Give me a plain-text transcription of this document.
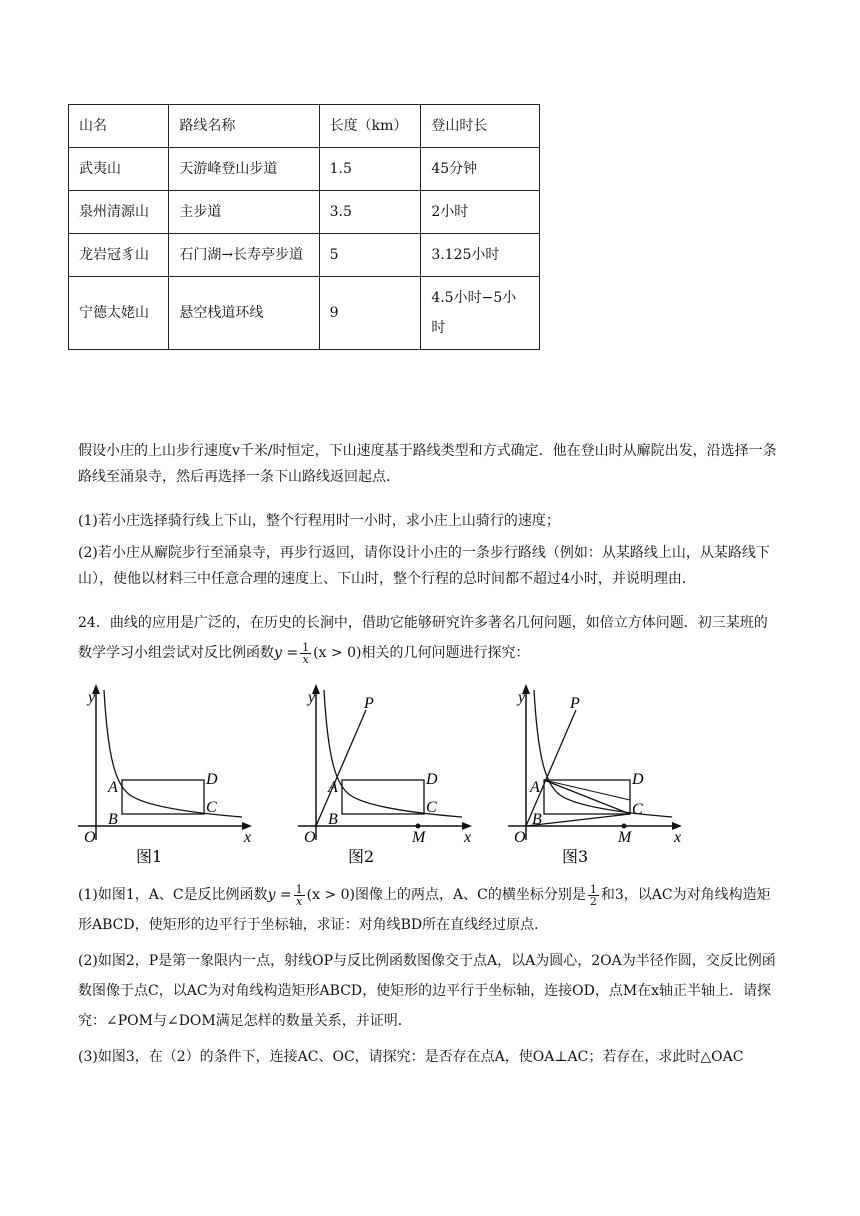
山名	路线名称	长度（km）	登山时长
武夷山	天游峰登山步道	1.5	45分钟
泉州清源山	主步道	3.5	2小时
龙岩冠豸山	石门湖→长寿亭步道	5	3.125小时
宁德太姥山	悬空栈道环线	9	4.5小时−5小时
假设小庄的上山步行速度v千米/时恒定，下山速度基于路线类型和方式确定．他在登山时从廨院出发，沿选择一条路线至涌泉寺，然后再选择一条下山路线返回起点．
(1)若小庄选择骑行线上下山，整个行程用时一小时，求小庄上山骑行的速度；
(2)若小庄从廨院步行至涌泉寺，再步行返回，请你设计小庄的一条步行路线（例如：从某路线上山，从某路线下山），使他以材料三中任意合理的速度上、下山时，整个行程的总时间都不超过4小时，并说明理由．
24．曲线的应用是广泛的，在历史的长涧中，借助它能够研究许多著名几何问题，如倍立方体问题．初三某班的数学学习小组尝试对反比例函数$y = \frac{1}{x} (x > 0)$相关的几何问题进行探究：
y
x
O
A
B
C
D
图1
y
x
O
P
A
B
C
D
M
图2
y
x
O
P
A
B
C
D
M
图3
(1)如图1，A、C是反比例函数$y = \frac{1}{x} (x > 0)$图像上的两点，A、C的横坐标分别是 $\frac{1}{2}$ 和3，以AC为对角线构造矩形ABCD，使矩形的边平行于坐标轴，求证：对角线BD所在直线经过原点．
(2)如图2，P是第一象限内一点，射线OP与反比例函数图像交于点A，以A为圆心，2OA为半径作圆，交反比例函数图像于点C，以AC为对角线构造矩形ABCD，使矩形的边平行于坐标轴，连接OD，点M在x轴正半轴上．请探究：∠POM与∠DOM满足怎样的数量关系，并证明．
(3)如图3，在（2）的条件下，连接AC、OC，请探究：是否存在点A，使OA⊥AC；若存在，求此时△OAC
